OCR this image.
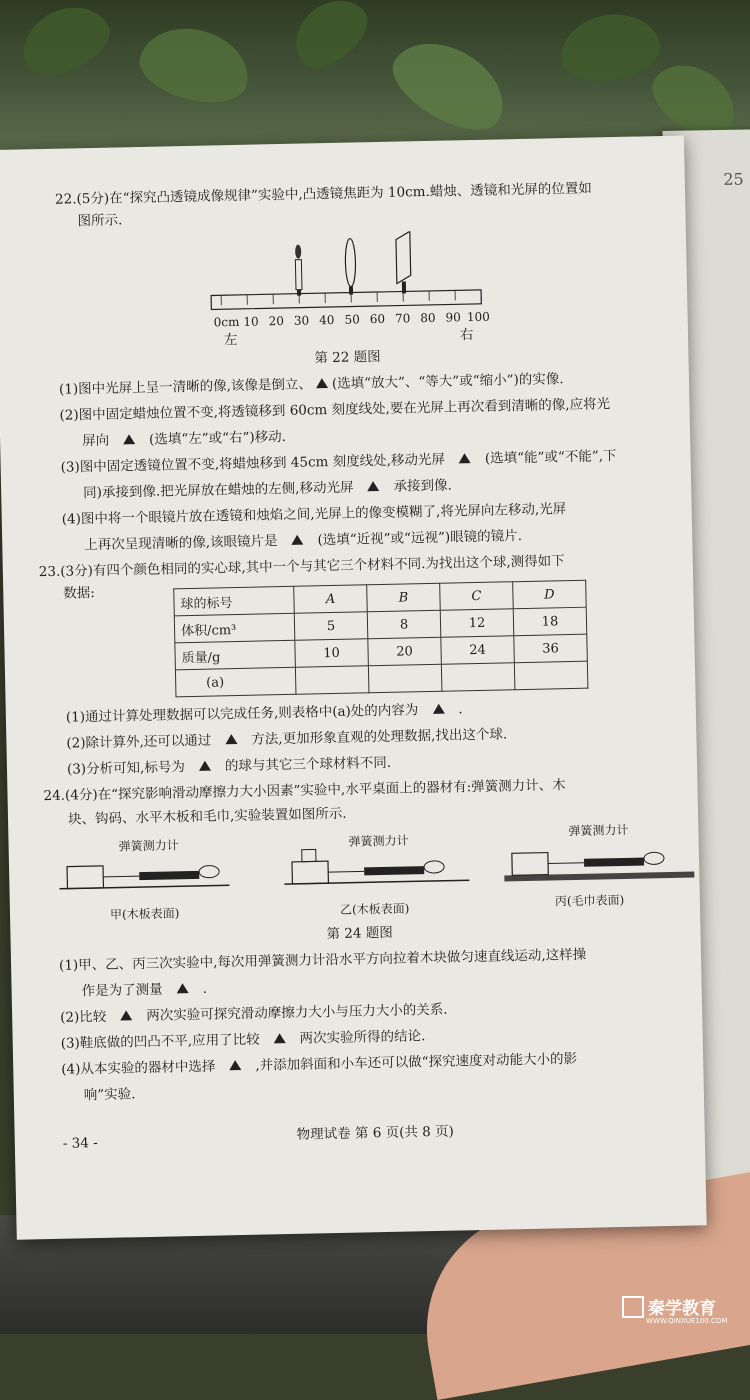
25
22.(5分)在“探究凸透镜成像规律”实验中,凸透镜焦距为 10cm.蜡烛、透镜和光屏的位置如
图所示.
0cm 10 20 30 40 50 60 70 80 90 100
左	右
第 22 题图
(1)图中光屏上呈一清晰的像,该像是倒立、 (选填“放大”、“等大”或“缩小”)的实像.
(2)图中固定蜡烛位置不变,将透镜移到 60cm 刻度线处,要在光屏上再次看到清晰的像,应将光
屏向	(选填“左”或“右”)移动.
(3)图中固定透镜位置不变,将蜡烛移到 45cm 刻度线处,移动光屏	(选填“能”或“不能”,下
同)承接到像.把光屏放在蜡烛的左侧,移动光屏	承接到像.
(4)图中将一个眼镜片放在透镜和烛焰之间,光屏上的像变模糊了,将光屏向左移动,光屏
上再次呈现清晰的像,该眼镜片是	(选填“近视”或“远视”)眼镜的镜片.
23.(3分)有四个颜色相同的实心球,其中一个与其它三个材料不同.为找出这个球,测得如下
数据:
球的标号	A	B	C	D
体积/cm³	5	8	12	18
质量/g	10	20	24	36
(a)				
(1)通过计算处理数据可以完成任务,则表格中(a)处的内容为	.
(2)除计算外,还可以通过	方法,更加形象直观的处理数据,找出这个球.
(3)分析可知,标号为	的球与其它三个球材料不同.
24.(4分)在“探究影响滑动摩擦力大小因素”实验中,水平桌面上的器材有:弹簧测力计、木
块、钩码、水平木板和毛巾,实验装置如图所示.
弹簧测力计	弹簧测力计
弹簧测力计
甲(木板表面)	乙(木板表面)
丙(毛巾表面)
第 24 题图
(1)甲、乙、丙三次实验中,每次用弹簧测力计沿水平方向拉着木块做匀速直线运动,这样操
作是为了测量	.
(2)比较	两次实验可探究滑动摩擦力大小与压力大小的关系.
(3)鞋底做的凹凸不平,应用了比较	两次实验所得的结论.
(4)从本实验的器材中选择	,并添加斜面和小车还可以做“探究速度对动能大小的影
响”实验.
- 34 -
物理试卷 第 6 页(共 8 页)
秦学教育
WWW.QINXUE100.COM
